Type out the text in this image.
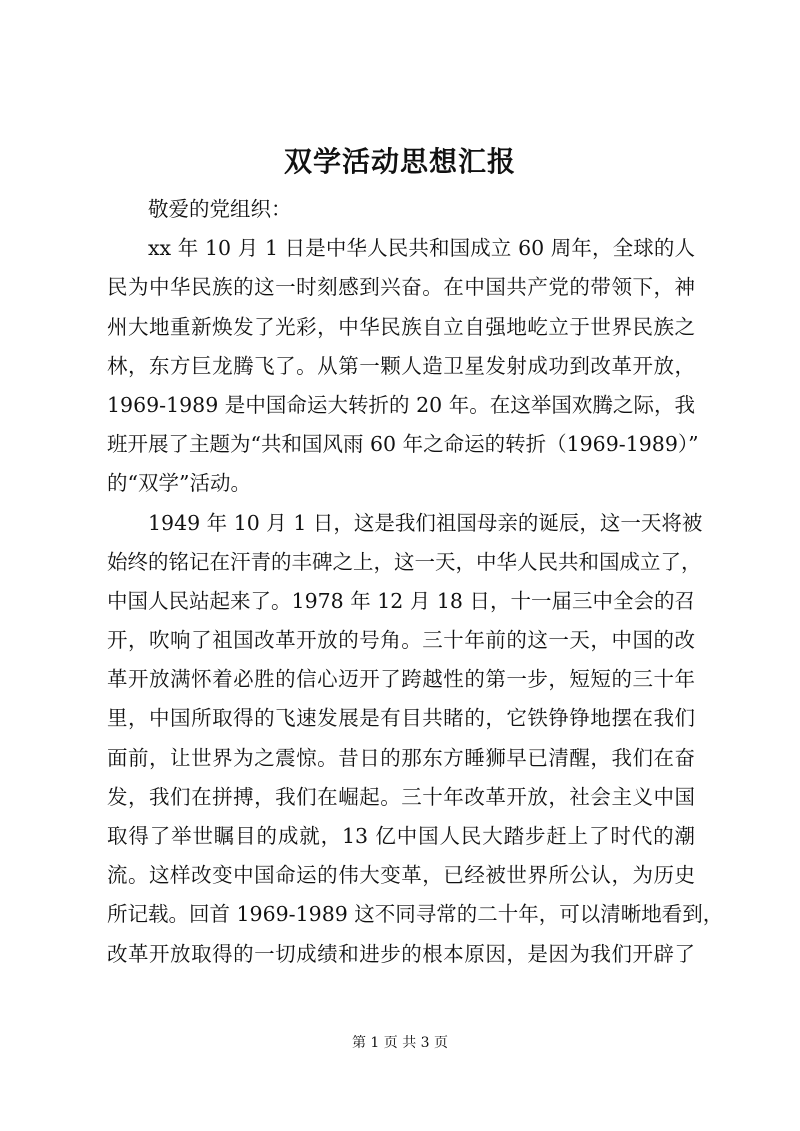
双学活动思想汇报
敬爱的党组织：
xx 年 10 月 1 日是中华人民共和国成立 60 周年，全球的人
民为中华民族的这一时刻感到兴奋。在中国共产党的带领下，神
州大地重新焕发了光彩，中华民族自立自强地屹立于世界民族之
林，东方巨龙腾飞了。从第一颗人造卫星发射成功到改革开放，
1969-1989 是中国命运大转折的 20 年。在这举国欢腾之际，我
班开展了主题为“共和国风雨 60 年之命运的转折（1969-1989）”
的“双学”活动。
1949 年 10 月 1 日，这是我们祖国母亲的诞辰，这一天将被
始终的铭记在汗青的丰碑之上，这一天，中华人民共和国成立了，
中国人民站起来了。1978 年 12 月 18 日，十一届三中全会的召
开，吹响了祖国改革开放的号角。三十年前的这一天，中国的改
革开放满怀着必胜的信心迈开了跨越性的第一步，短短的三十年
里，中国所取得的飞速发展是有目共睹的，它铁铮铮地摆在我们
面前，让世界为之震惊。昔日的那东方睡狮早已清醒，我们在奋
发，我们在拼搏，我们在崛起。三十年改革开放，社会主义中国
取得了举世瞩目的成就，13 亿中国人民大踏步赶上了时代的潮
流。这样改变中国命运的伟大变革，已经被世界所公认，为历史
所记载。回首 1969-1989 这不同寻常的二十年，可以清晰地看到，
改革开放取得的一切成绩和进步的根本原因，是因为我们开辟了
第 1 页 共 3 页
